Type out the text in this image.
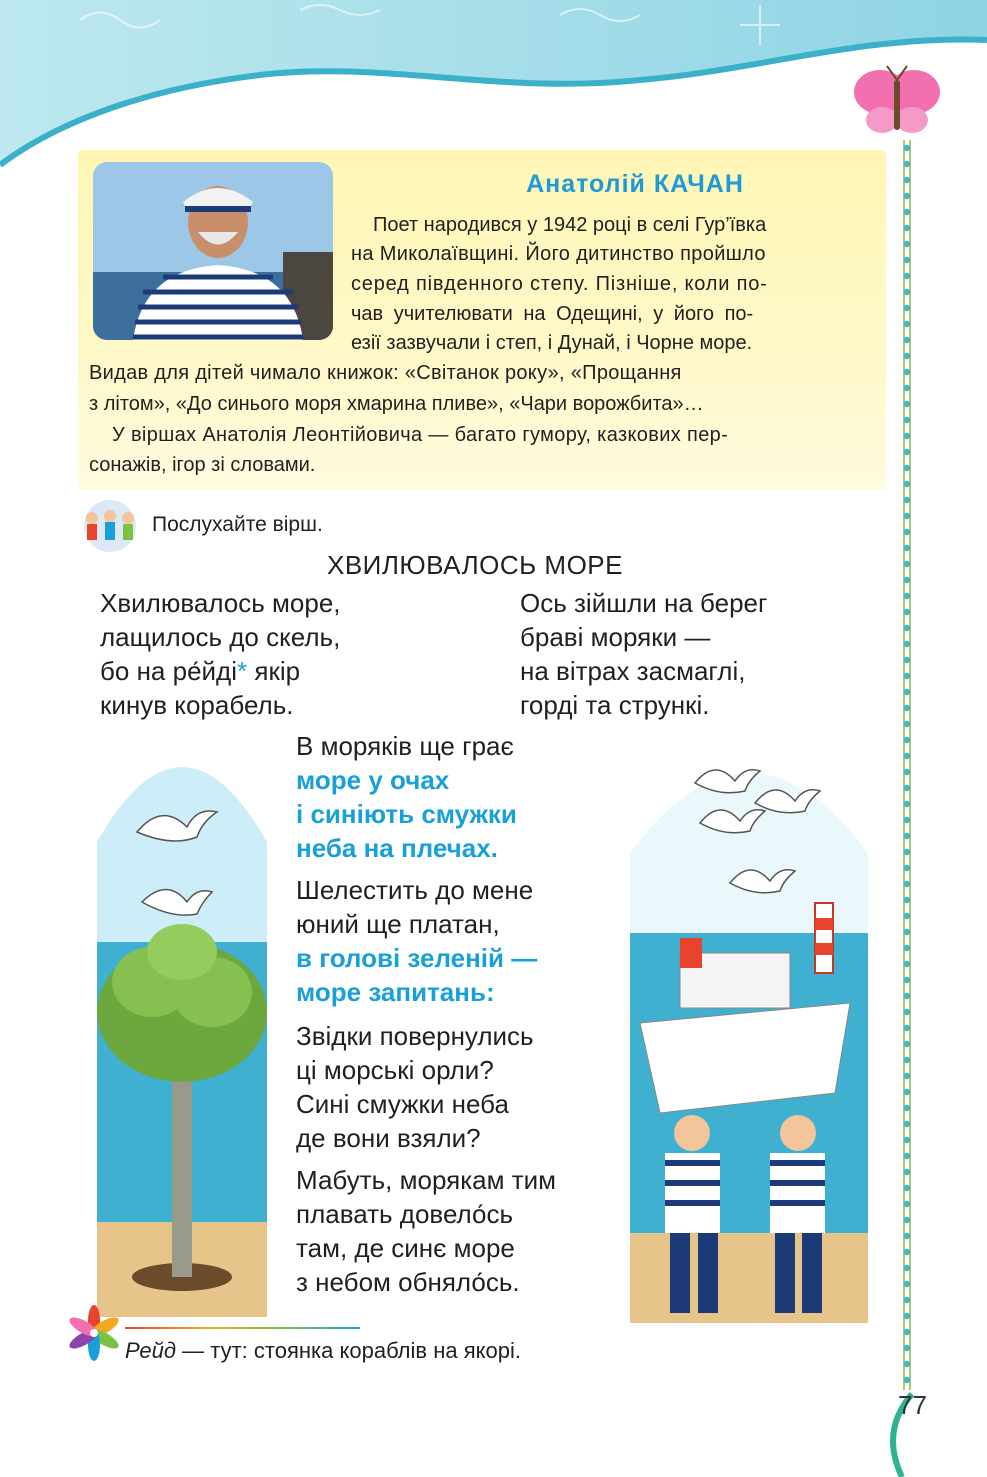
Анатолій КАЧАН
Поет народився у 1942 році в селі Гур’ївка
на Миколаївщині. Його дитинство пройшло
серед південного степу. Пізніше, коли по-
чав учителювати на Одещині, у його по-
езії зазвучали і степ, і Дунай, і Чорне море.
Видав для дітей чимало книжок: «Світанок року», «Прощання
з літом», «До синього моря хмарина пливе», «Чари ворожбита»…
У віршах Анатолія Леонтійовича — багато гумору, казкових пер-
сонажів, ігор зі словами.
Послухайте вірш.
ХВИЛЮВАЛОСЬ МОРЕ
Хвилювалось море,
лащилось до скель,
бо на ре́йді* якір
кинув корабель.
Ось зійшли на берег
браві моряки —
на вітрах засмаглі,
горді та стрункі.
В моряків ще грає
море у очах
і синіють смужки
неба на плечах.
Шелестить до мене
юний ще платан,
в голові зеленій —
море запитань:
Звідки повернулись
ці морські орли?
Сині смужки неба
де вони взяли?
Мабуть, морякам тим
плавать довело́сь
там, де синє море
з небом обняло́сь.
Рейд — тут: стоянка кораблів на якорі.
77
